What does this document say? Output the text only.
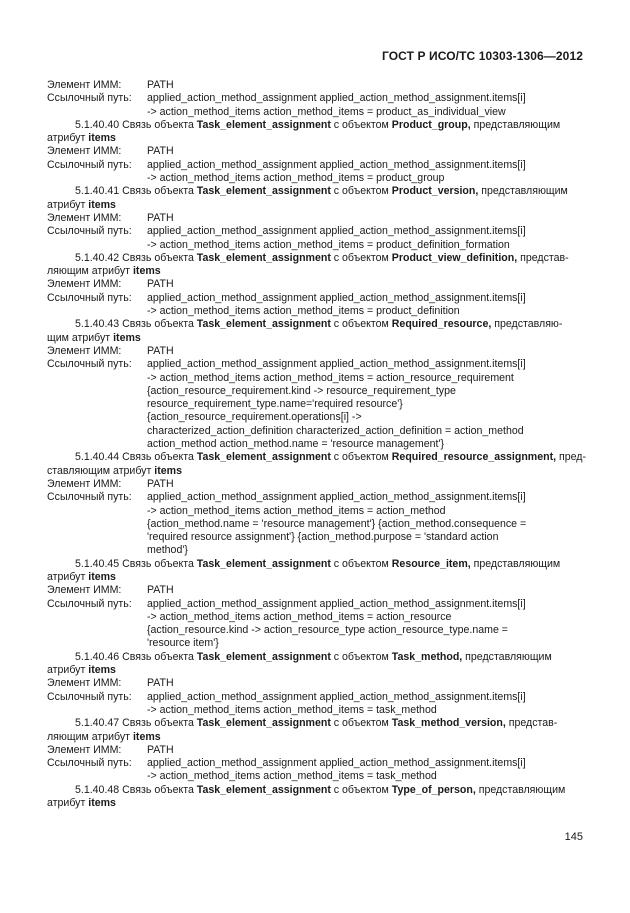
ГОСТ Р ИСО/ТС 10303-1306—2012
Элемент ИММ:	PATH
Ссылочный путь:	applied_action_method_assignment applied_action_method_assignment.items[i]
-> action_method_items action_method_items = product_as_individual_view
5.1.40.40 Связь объекта Task_element_assignment с объектом Product_group, представляющим
атрибут items
Элемент ИММ:	PATH
Ссылочный путь:	applied_action_method_assignment applied_action_method_assignment.items[i]
-> action_method_items action_method_items = product_group
5.1.40.41 Связь объекта Task_element_assignment с объектом Product_version, представляющим
атрибут items
Элемент ИММ:	PATH
Ссылочный путь:	applied_action_method_assignment applied_action_method_assignment.items[i]
-> action_method_items action_method_items = product_definition_formation
5.1.40.42 Связь объекта Task_element_assignment с объектом Product_view_definition, представ-
ляющим атрибут items
Элемент ИММ:	PATH
Ссылочный путь:	applied_action_method_assignment applied_action_method_assignment.items[i]
-> action_method_items action_method_items = product_definition
5.1.40.43 Связь объекта Task_element_assignment с объектом Required_resource, представляю-
щим атрибут items
Элемент ИММ:	PATH
Ссылочный путь:	applied_action_method_assignment applied_action_method_assignment.items[i]
-> action_method_items action_method_items = action_resource_requirement
{action_resource_requirement.kind -> resource_requirement_type
resource_requirement_type.name='required resource'}
{action_resource_requirement.operations[i] ->
characterized_action_definition characterized_action_definition = action_method
action_method action_method.name = 'resource management'}
5.1.40.44 Связь объекта Task_element_assignment с объектом Required_resource_assignment, пред-
ставляющим атрибут items
Элемент ИММ:	PATH
Ссылочный путь:	applied_action_method_assignment applied_action_method_assignment.items[i]
-> action_method_items action_method_items = action_method
{action_method.name = 'resource management'} {action_method.consequence =
'required resource assignment'} {action_method.purpose = 'standard action
method'}
5.1.40.45 Связь объекта Task_element_assignment с объектом Resource_item, представляющим
атрибут items
Элемент ИММ:	PATH
Ссылочный путь:	applied_action_method_assignment applied_action_method_assignment.items[i]
-> action_method_items action_method_items = action_resource
{action_resource.kind -> action_resource_type action_resource_type.name =
'resource item'}
5.1.40.46 Связь объекта Task_element_assignment с объектом Task_method, представляющим
атрибут items
Элемент ИММ:	PATH
Ссылочный путь:	applied_action_method_assignment applied_action_method_assignment.items[i]
-> action_method_items action_method_items = task_method
5.1.40.47 Связь объекта Task_element_assignment с объектом Task_method_version, представ-
ляющим атрибут items
Элемент ИММ:	PATH
Ссылочный путь:	applied_action_method_assignment applied_action_method_assignment.items[i]
-> action_method_items action_method_items = task_method
5.1.40.48 Связь объекта Task_element_assignment с объектом Type_of_person, представляющим
атрибут items
145
